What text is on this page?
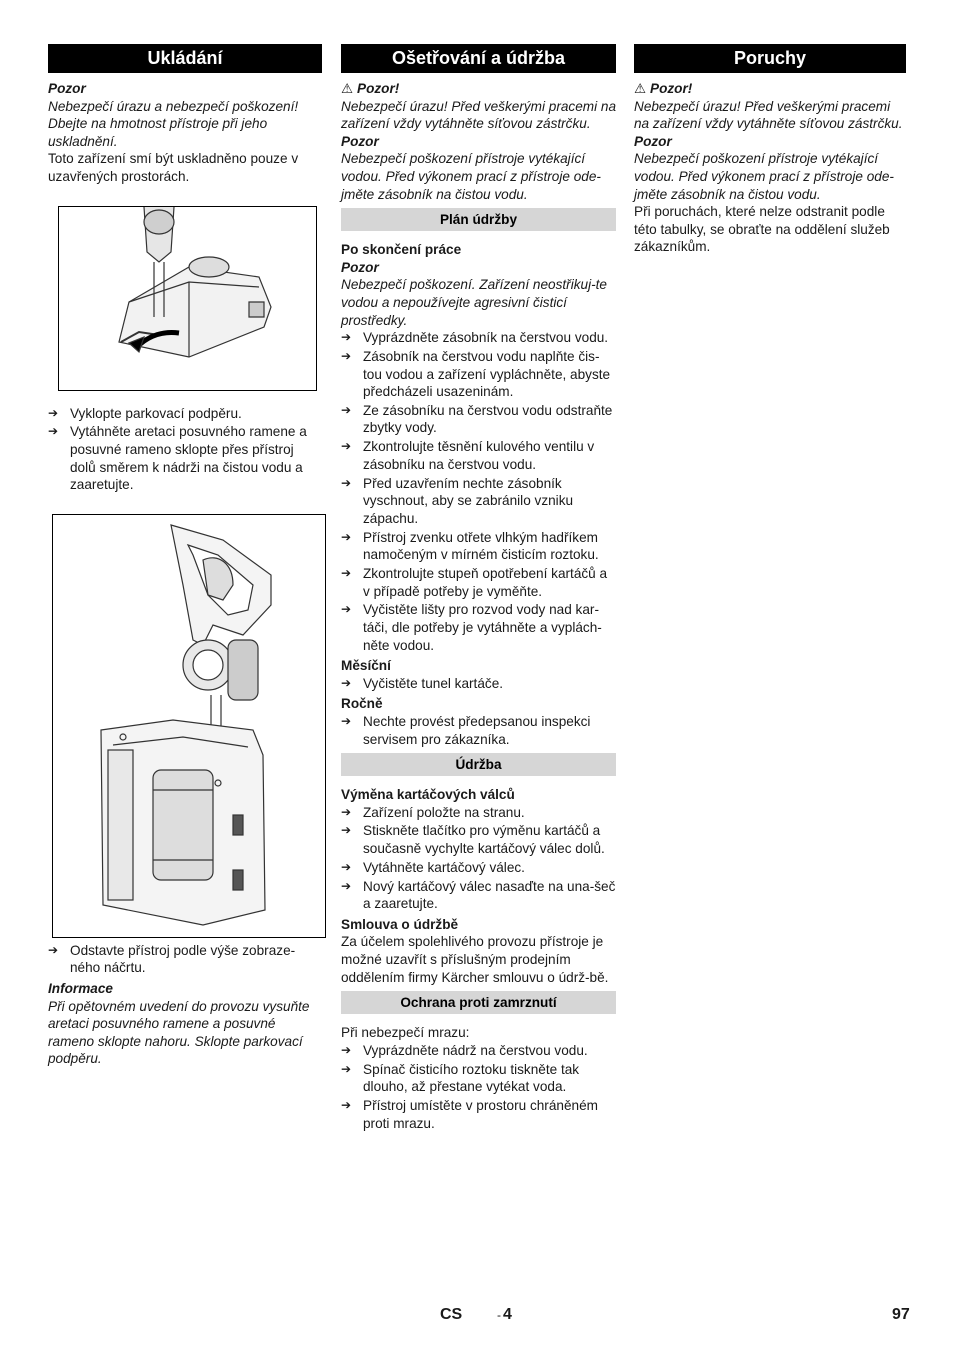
Ukládání
Pozor

Nebezpečí úrazu a nebezpečí poškození! Dbejte na hmotnost přístroje při jeho uskladnění.

Toto zařízení smí být uskladněno pouze v uzavřených prostorách.

➔ Vyklopte parkovací podpěru.
➔ Vytáhněte aretaci posuvného ramene a posuvné rameno sklopte přes přístroj dolů směrem k nádrži na čistou vodu a zaaretujte.
➔ Odstavte přístroj podle výše zobraze-ného náčrtu.
Informace

Při opětovném uvedení do provozu vysuňte aretaci posuvného ramene a posuvné rameno sklopte nahoru. Sklopte parkovací podpěru.

Ošetřování a údržba
⚠ Pozor!

Nebezpečí úrazu! Před veškerými pracemi na zařízení vždy vytáhněte síťovou zástrčku.

Pozor

Nebezpečí poškození přístroje vytékající vodou. Před výkonem prací z přístroje ode-jměte zásobník na čistou vodu.

Plán údržby
Po skončení práce
Pozor

Nebezpečí poškození. Zařízení neostřikuj-te vodou a nepoužívejte agresivní čisticí prostředky.

➔ Vyprázdněte zásobník na čerstvou vodu.
➔ Zásobník na čerstvou vodu naplňte čis-tou vodou a zařízení vypláchněte, abyste předcházeli usazeninám.
➔ Ze zásobníku na čerstvou vodu odstraňte zbytky vody.
➔ Zkontrolujte těsnění kulového ventilu v zásobníku na čerstvou vodu.
➔ Před uzavřením nechte zásobník vyschnout, aby se zabránilo vzniku zápachu.
➔ Přístroj zvenku otřete vlhkým hadříkem namočeným v mírném čisticím roztoku.
➔ Zkontrolujte stupeň opotřebení kartáčů a v případě potřeby je vyměňte.
➔ Vyčistěte lišty pro rozvod vody nad kar-táči, dle potřeby je vytáhněte a vyplách-něte vodou.
Měsíční
➔ Vyčistěte tunel kartáče.
Ročně
➔ Nechte provést předepsanou inspekci servisem pro zákazníka.
Údržba
Výměna kartáčových válců
➔ Zařízení položte na stranu.
➔ Stiskněte tlačítko pro výměnu kartáčů a současně vychylte kartáčový válec dolů.
➔ Vytáhněte kartáčový válec.
➔ Nový kartáčový válec nasaďte na una-šeč a zaaretujte.
Smlouva o údržbě

Za účelem spolehlivého provozu přístroje je možné uzavřít s příslušným prodejním oddělením firmy Kärcher smlouvu o údrž-bě.

Ochrana proti zamrznutí

Při nebezpečí mrazu:

➔ Vyprázdněte nádrž na čerstvou vodu.
➔ Spínač čisticího roztoku tiskněte tak dlouho, až přestane vytékat voda.
➔ Přístroj umístěte v prostoru chráněném proti mrazu.
Poruchy
⚠ Pozor!

Nebezpečí úrazu! Před veškerými pracemi na zařízení vždy vytáhněte síťovou zástrčku.

Pozor

Nebezpečí poškození přístroje vytékající vodou. Před výkonem prací z přístroje ode-jměte zásobník na čistou vodu.

Při poruchách, které nelze odstranit podle této tabulky, se obraťte na oddělení služeb zákazníkům.

CS	- 4	97
